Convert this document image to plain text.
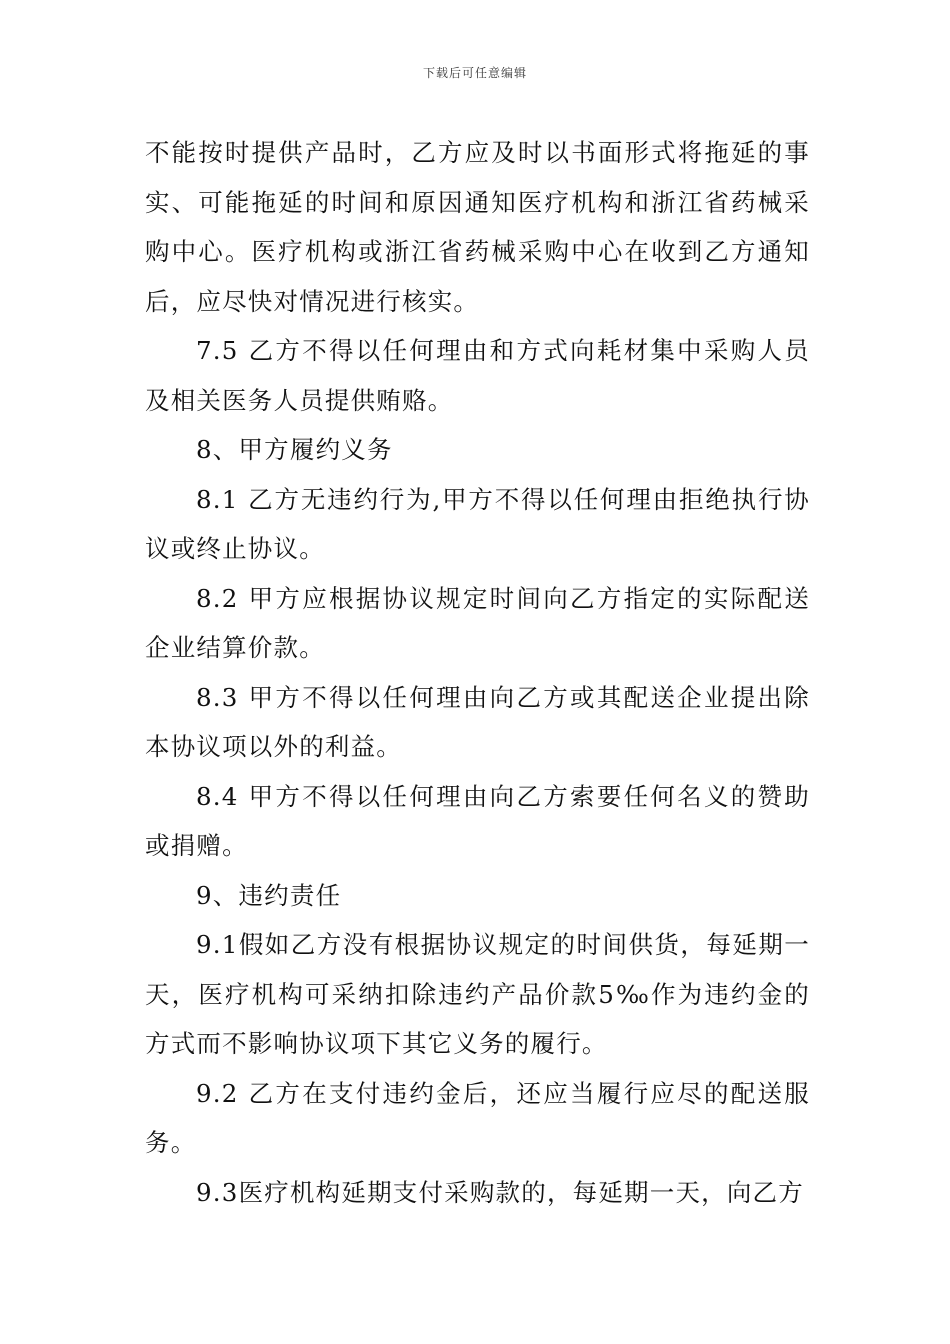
下载后可任意编辑

不能按时提供产品时，乙方应及时以书面形式将拖延的事实、可能拖延的时间和原因通知医疗机构和浙江省药械采购中心。医疗机构或浙江省药械采购中心在收到乙方通知后，应尽快对情况进行核实。

7.5 乙方不得以任何理由和方式向耗材集中采购人员及相关医务人员提供贿赂。

8、甲方履约义务

8.1 乙方无违约行为,甲方不得以任何理由拒绝执行协议或终止协议。

8.2 甲方应根据协议规定时间向乙方指定的实际配送企业结算价款。

8.3 甲方不得以任何理由向乙方或其配送企业提出除本协议项以外的利益。

8.4 甲方不得以任何理由向乙方索要任何名义的赞助或捐赠。

9、违约责任

9.1假如乙方没有根据协议规定的时间供货，每延期一天，医疗机构可采纳扣除违约产品价款5‰作为违约金的方式而不影响协议项下其它义务的履行。

9.2 乙方在支付违约金后，还应当履行应尽的配送服务。

9.3医疗机构延期支付采购款的，每延期一天，向乙方
